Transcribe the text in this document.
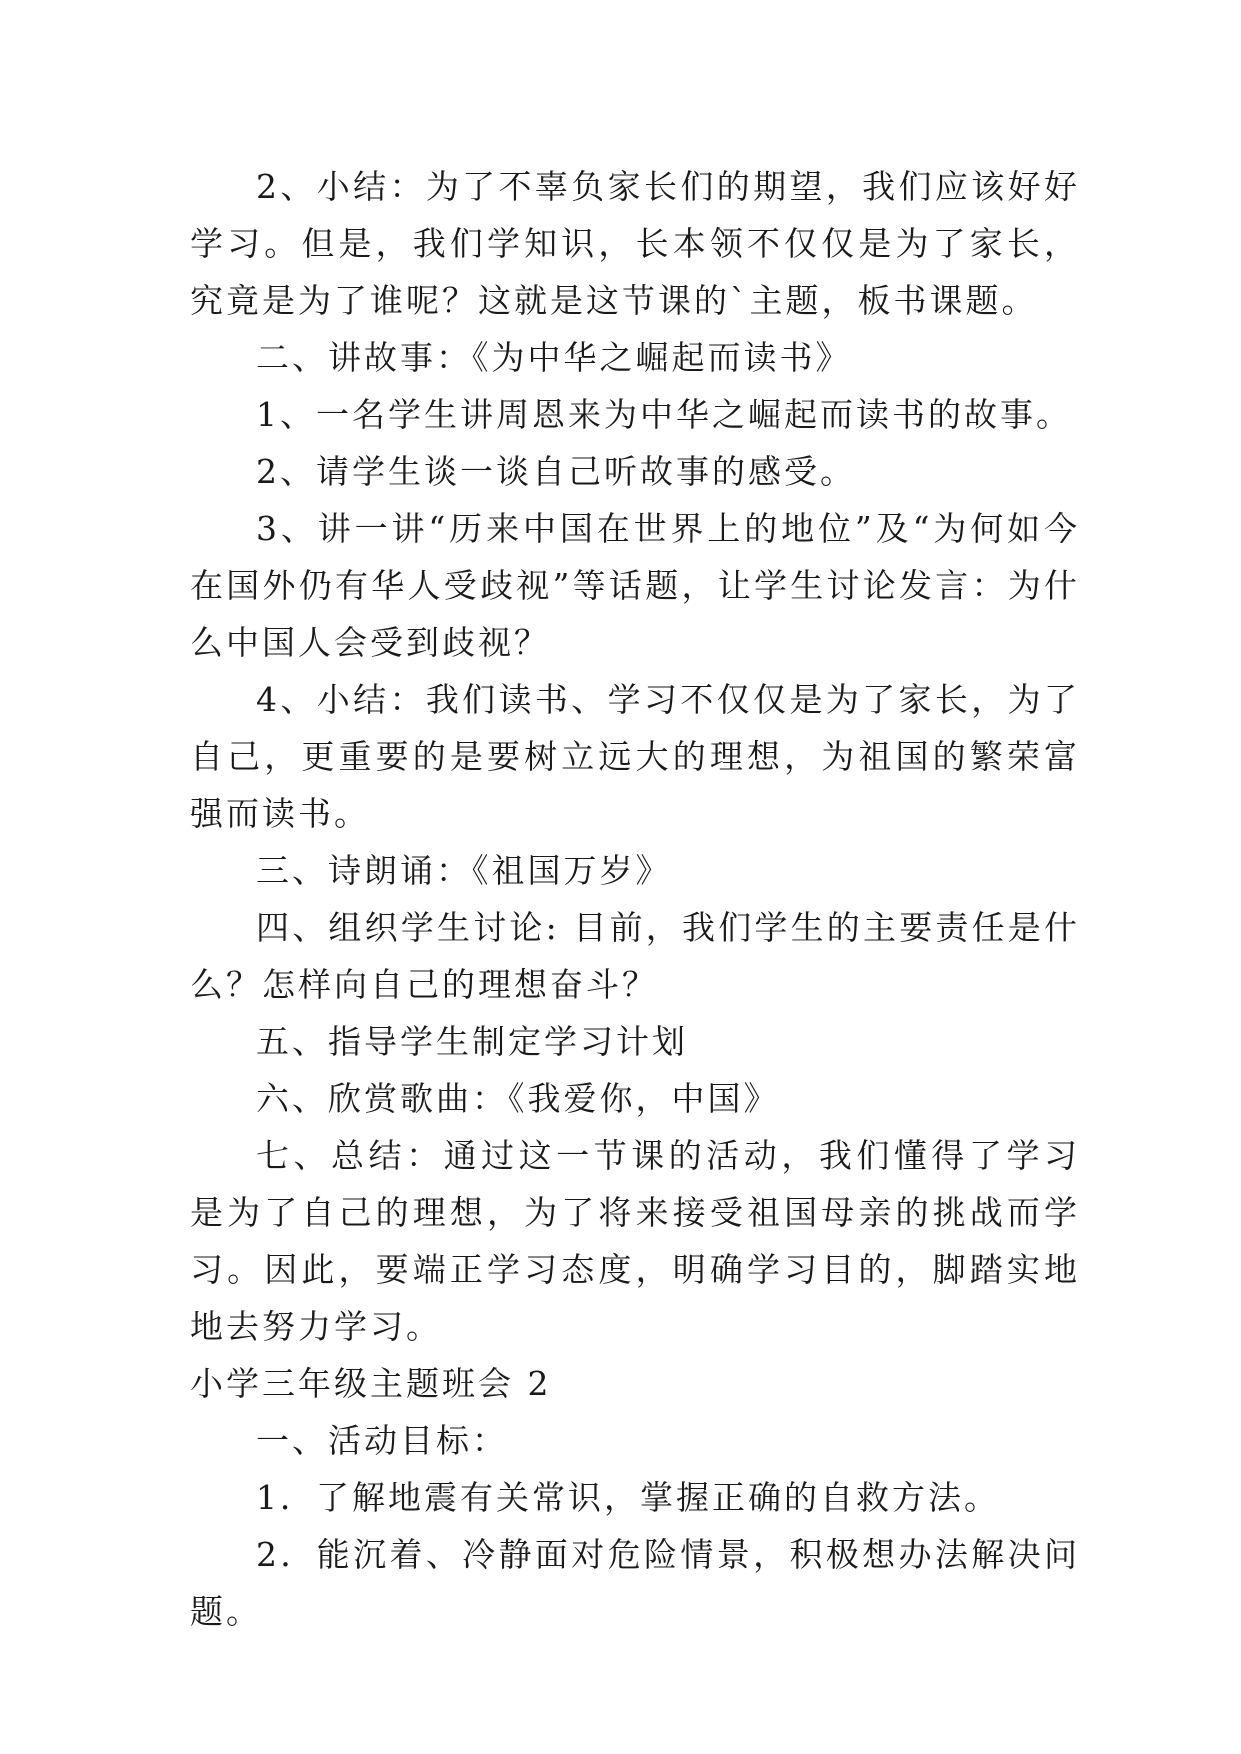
2、小结：为了不辜负家长们的期望，我们应该好好学习。但是，我们学知识，长本领不仅仅是为了家长，究竟是为了谁呢？这就是这节课的`主题，板书课题。

二、讲故事：《为中华之崛起而读书》

1、一名学生讲周恩来为中华之崛起而读书的故事。

2、请学生谈一谈自己听故事的感受。

3、讲一讲“历来中国在世界上的地位”及“为何如今在国外仍有华人受歧视”等话题，让学生讨论发言：为什么中国人会受到歧视？

4、小结：我们读书、学习不仅仅是为了家长，为了自己，更重要的是要树立远大的理想，为祖国的繁荣富强而读书。

三、诗朗诵：《祖国万岁》

四、组织学生讨论: 目前，我们学生的主要责任是什么？怎样向自己的理想奋斗？

五、指导学生制定学习计划

六、欣赏歌曲：《我爱你，中国》

七、总结：通过这一节课的活动，我们懂得了学习是为了自己的理想，为了将来接受祖国母亲的挑战而学习。因此，要端正学习态度，明确学习目的，脚踏实地地去努力学习。

小学三年级主题班会 2

一、活动目标：

1．了解地震有关常识，掌握正确的自救方法。

2．能沉着、冷静面对危险情景，积极想办法解决问题。
